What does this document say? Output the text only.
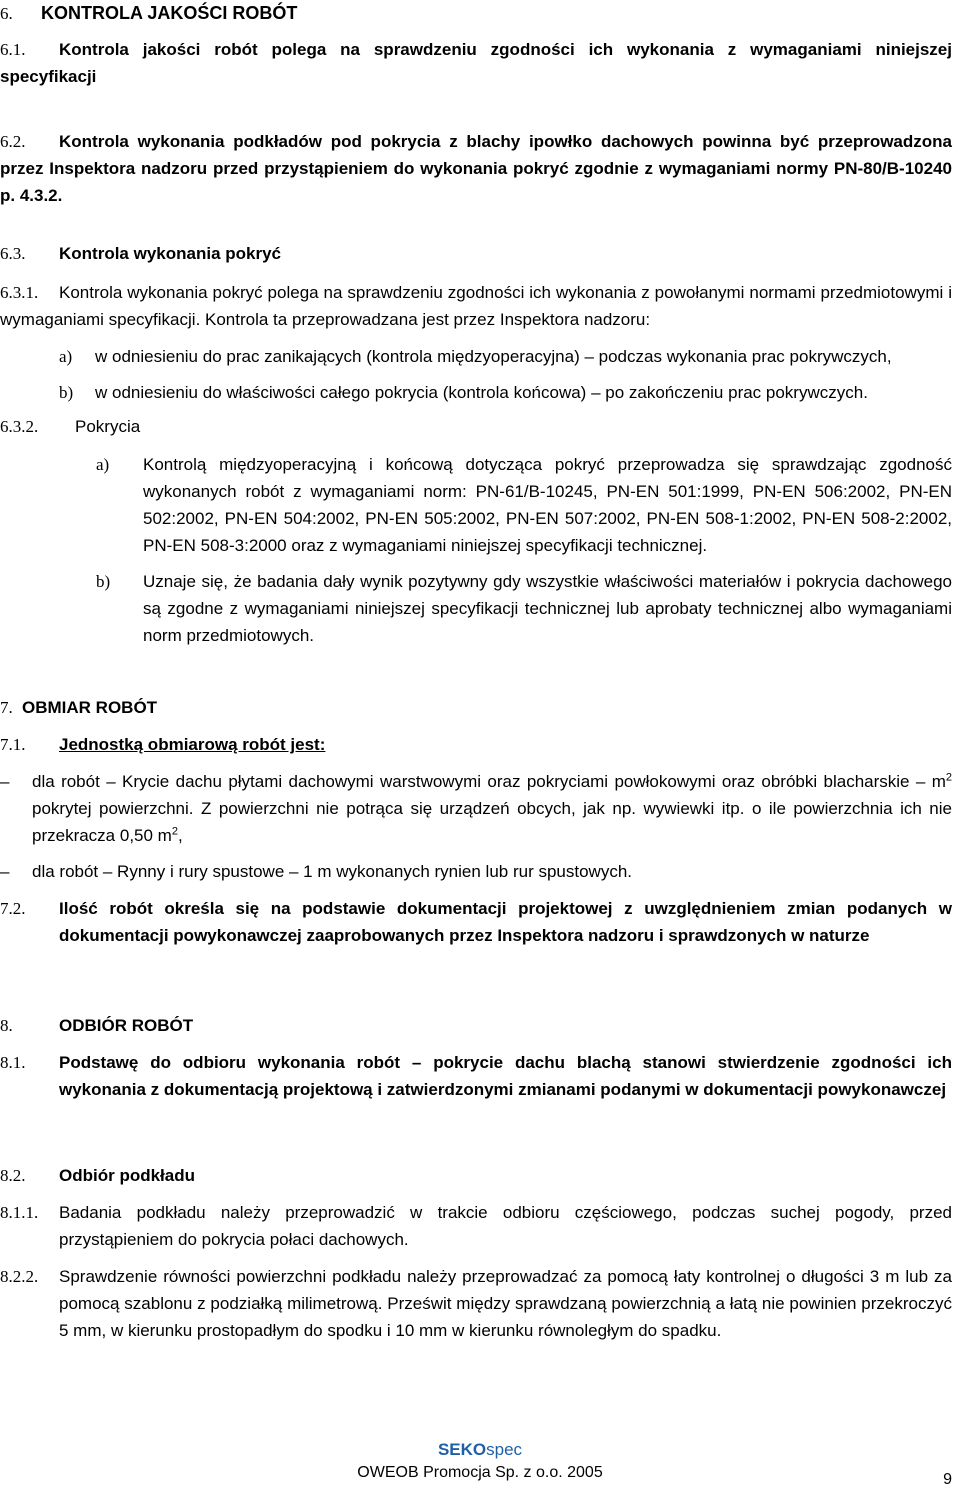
6. KONTROLA JAKOŚCI ROBÓT
6.1.	Kontrola jakości robót polega na sprawdzeniu zgodności ich wykonania z wymaganiami niniejszej specyfikacji
6.2.	Kontrola wykonania podkładów pod pokrycia z blachy ipowłko dachowych powinna być przeprowadzona przez Inspektora nadzoru przed przystąpieniem do wykonania pokryć zgodnie z wymaganiami normy PN-80/B-10240 p. 4.3.2.
6.3. Kontrola wykonania pokryć
6.3.1.	Kontrola wykonania pokryć polega na sprawdzeniu zgodności ich wykonania z powołanymi normami przedmiotowymi i wymaganiami specyfikacji. Kontrola ta przeprowadzana jest przez Inspektora nadzoru:
a) w odniesieniu do prac zanikających (kontrola międzyoperacyjna) – podczas wykonania prac pokrywczych,
b) w odniesieniu do właściwości całego pokrycia (kontrola końcowa) – po zakończeniu prac pokrywczych.
6.3.2. Pokrycia
a) Kontrolą międzyoperacyjną i końcową dotycząca pokryć przeprowadza się sprawdzając zgodność wykonanych robót z wymaganiami norm: PN-61/B-10245, PN-EN 501:1999, PN-EN 506:2002, PN-EN 502:2002, PN-EN 504:2002, PN-EN 505:2002, PN-EN 507:2002, PN-EN 508-1:2002, PN-EN 508-2:2002, PN-EN 508-3:2000 oraz z wymaganiami niniejszej specyfikacji technicznej.
b) Uznaje się, że badania dały wynik pozytywny gdy wszystkie właściwości materiałów i pokrycia dachowego są zgodne z wymaganiami niniejszej specyfikacji technicznej lub aprobaty technicznej albo wymaganiami norm przedmiotowych.
7. OBMIAR ROBÓT
7.1. Jednostką obmiarową robót jest:
– dla robót – Krycie dachu płytami dachowymi warstwowymi oraz pokryciami powłokowymi oraz obróbki blacharskie – $m^2$ pokrytej powierzchni. Z powierzchni nie potrąca się urządzeń obcych, jak np. wywiewki itp. o ile powierzchnia ich nie przekracza 0,50 $m^2$,
– dla robót – Rynny i rury spustowe – 1 m wykonanych rynien lub rur spustowych.
7.2. Ilość robót określa się na podstawie dokumentacji projektowej z uwzględnieniem zmian podanych w dokumentacji powykonawczej zaaprobowanych przez Inspektora nadzoru i sprawdzonych w naturze
8.	ODBIÓR ROBÓT
8.1. Podstawę do odbioru wykonania robót – pokrycie dachu blachą stanowi stwierdzenie zgodności ich wykonania z dokumentacją projektową i zatwierdzonymi zmianami podanymi w dokumentacji powykonawczej
8.2. Odbiór podkładu
8.1.1. Badania podkładu należy przeprowadzić w trakcie odbioru częściowego, podczas suchej pogody, przed przystąpieniem do pokrycia połaci dachowych.
8.2.2. Sprawdzenie równości powierzchni podkładu należy przeprowadzać za pomocą łaty kontrolnej o długości 3 m lub za pomocą szablonu z podziałką milimetrową. Prześwit między sprawdzaną powierzchnią a łatą nie powinien przekroczyć 5 mm, w kierunku prostopadłym do spodku i 10 mm w kierunku równoległym do spadku.
SEKOspec
OWEOB Promocja Sp. z o.o. 2005	9
